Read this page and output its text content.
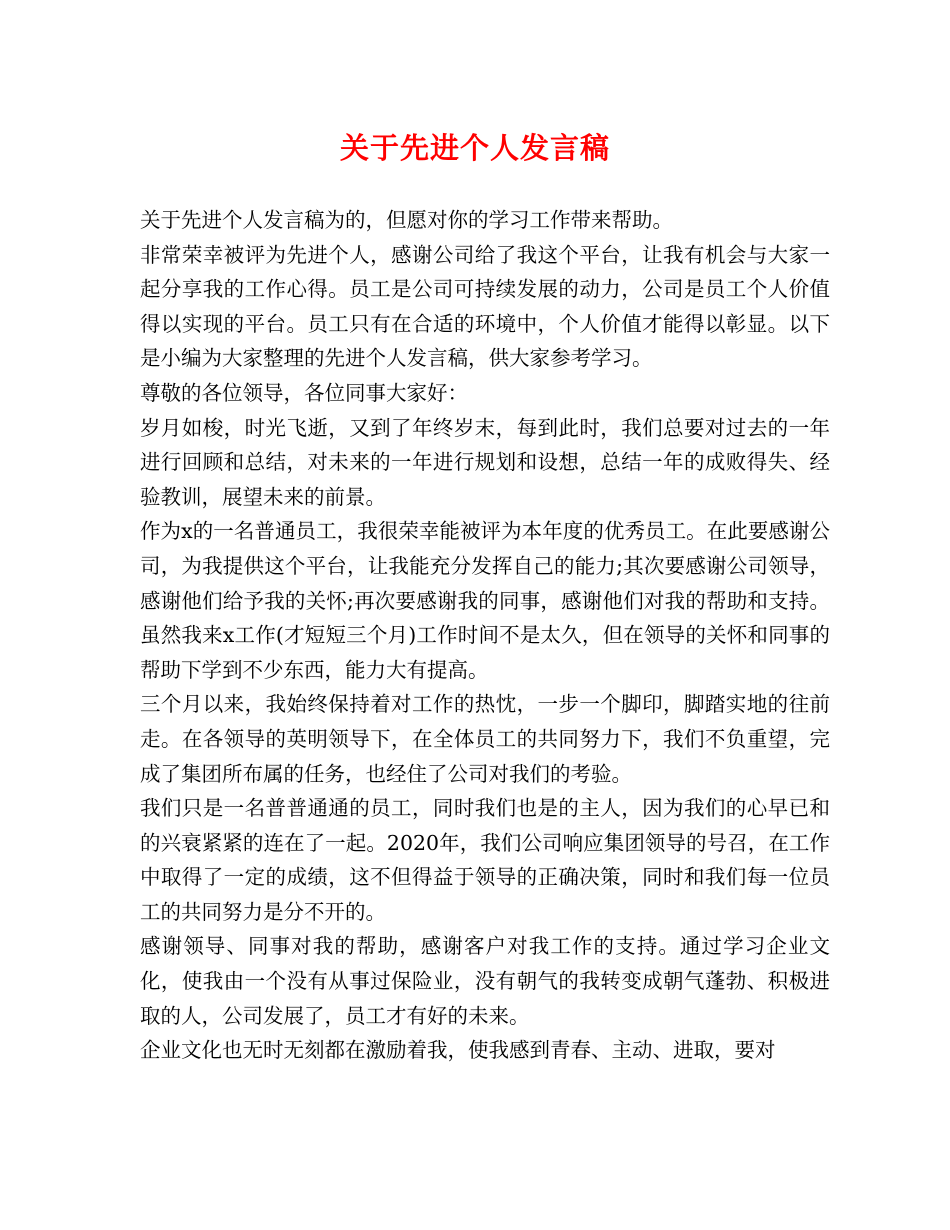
关于先进个人发言稿

关于先进个人发言稿为的，但愿对你的学习工作带来帮助。

非常荣幸被评为先进个人，感谢公司给了我这个平台，让我有机会与大家一起分享我的工作心得。员工是公司可持续发展的动力，公司是员工个人价值得以实现的平台。员工只有在合适的环境中，个人价值才能得以彰显。以下是小编为大家整理的先进个人发言稿，供大家参考学习。

尊敬的各位领导，各位同事大家好：

岁月如梭，时光飞逝，又到了年终岁末，每到此时，我们总要对过去的一年进行回顾和总结，对未来的一年进行规划和设想，总结一年的成败得失、经验教训，展望未来的前景。

作为x的一名普通员工，我很荣幸能被评为本年度的优秀员工。在此要感谢公司，为我提供这个平台，让我能充分发挥自己的能力;其次要感谢公司领导，感谢他们给予我的关怀;再次要感谢我的同事，感谢他们对我的帮助和支持。虽然我来x工作(才短短三个月)工作时间不是太久，但在领导的关怀和同事的帮助下学到不少东西，能力大有提高。

三个月以来，我始终保持着对工作的热忱，一步一个脚印，脚踏实地的往前走。在各领导的英明领导下，在全体员工的共同努力下，我们不负重望，完成了集团所布属的任务，也经住了公司对我们的考验。

我们只是一名普普通通的员工，同时我们也是的主人，因为我们的心早已和的兴衰紧紧的连在了一起。2020年，我们公司响应集团领导的号召，在工作中取得了一定的成绩，这不但得益于领导的正确决策，同时和我们每一位员工的共同努力是分不开的。

感谢领导、同事对我的帮助，感谢客户对我工作的支持。通过学习企业文化，使我由一个没有从事过保险业，没有朝气的我转变成朝气蓬勃、积极进取的人，公司发展了，员工才有好的未来。

企业文化也无时无刻都在激励着我，使我感到青春、主动、进取，要对
